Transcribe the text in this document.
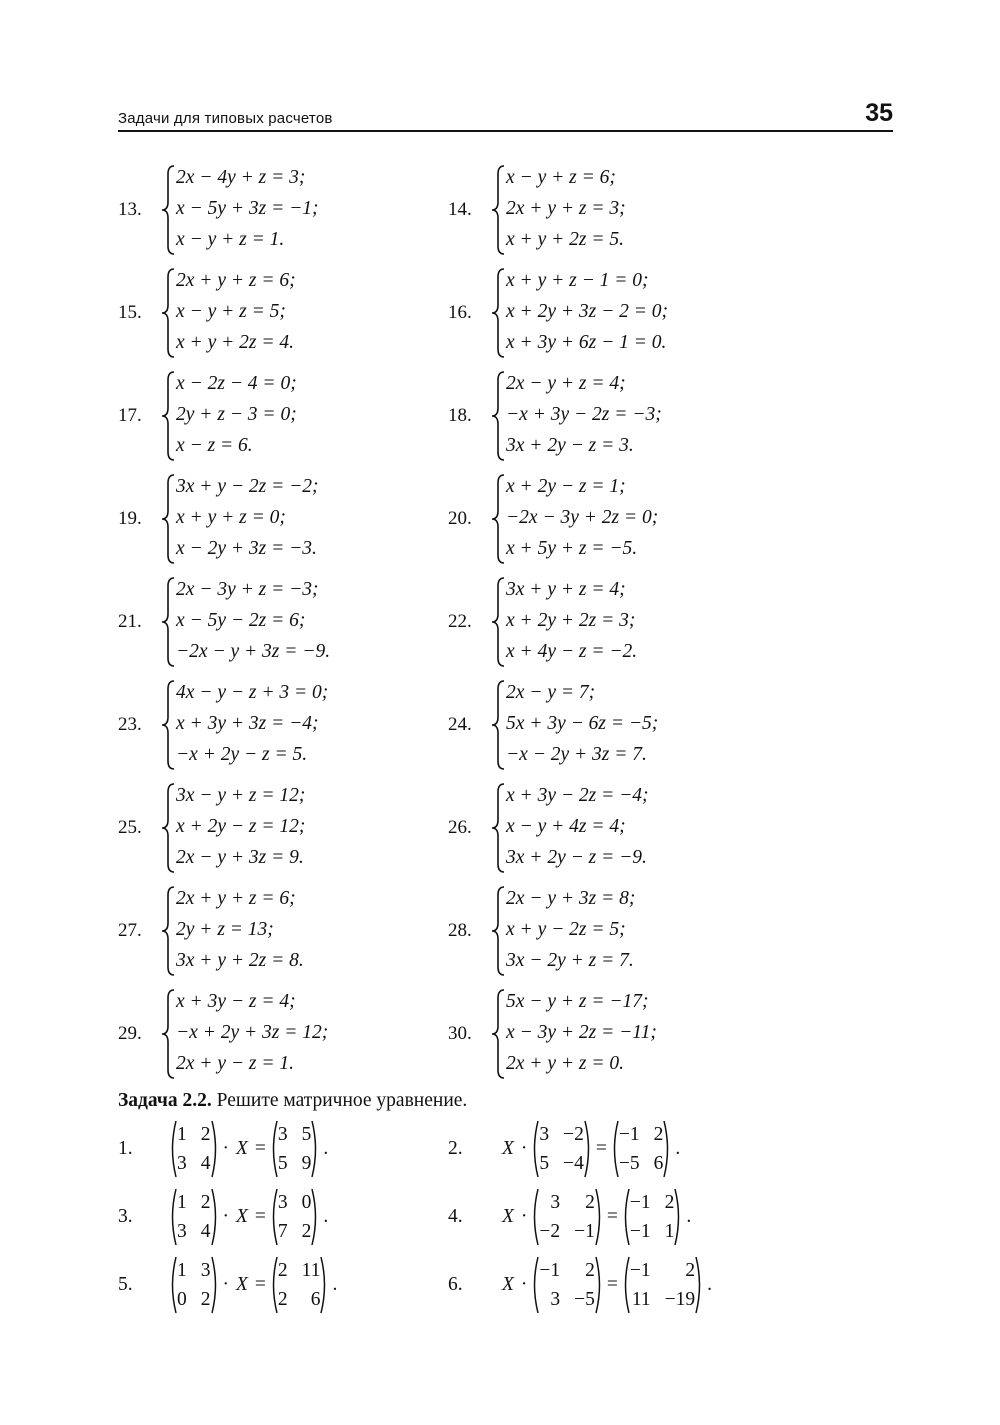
Задачи для типовых расчетов	35
13.
2x − 4y + z = 3;
x − 5y + 3z = −1;
x − y + z = 1.
14.
x − y + z = 6;
2x + y + z = 3;
x + y + 2z = 5.
15.
2x + y + z = 6;
x − y + z = 5;
x + y + 2z = 4.
16.
x + y + z − 1 = 0;
x + 2y + 3z − 2 = 0;
x + 3y + 6z − 1 = 0.
17.
x − 2z − 4 = 0;
2y + z − 3 = 0;
x − z = 6.
18.
2x − y + z = 4;
−x + 3y − 2z = −3;
3x + 2y − z = 3.
19.
3x + y − 2z = −2;
x + y + z = 0;
x − 2y + 3z = −3.
20.
x + 2y − z = 1;
−2x − 3y + 2z = 0;
x + 5y + z = −5.
21.
2x − 3y + z = −3;
x − 5y − 2z = 6;
−2x − y + 3z = −9.
22.
3x + y + z = 4;
x + 2y + 2z = 3;
x + 4y − z = −2.
23.
4x − y − z + 3 = 0;
x + 3y + 3z = −4;
−x + 2y − z = 5.
24.
2x − y = 7;
5x + 3y − 6z = −5;
−x − 2y + 3z = 7.
25.
3x − y + z = 12;
x + 2y − z = 12;
2x − y + 3z = 9.
26.
x + 3y − 2z = −4;
x − y + 4z = 4;
3x + 2y − z = −9.
27.
2x + y + z = 6;
2y + z = 13;
3x + y + 2z = 8.
28.
2x − y + 3z = 8;
x + y − 2z = 5;
3x − 2y + z = 7.
29.
x + 3y − z = 4;
−x + 2y + 3z = 12;
2x + y − z = 1.
30.
5x − y + z = −17;
x − 3y + 2z = −11;
2x + y + z = 0.
Задача 2.2. Решите матричное уравнение.
1.
1 2
3 4
· X =
3 5
5 9
.	2.	X ·
3 −2
5 −4
=
−1 2
−5 6
.
3.
1 2
3 4
· X =
3 0
7 2
.	4.	X ·
3	2
−2 −1
=
−1 2
−1 1
.
5.
1 3
0 2
· X =
2 11
2	6
.	6.	X ·
−1	2
3 −5
=
−1	2
11 −19
.
